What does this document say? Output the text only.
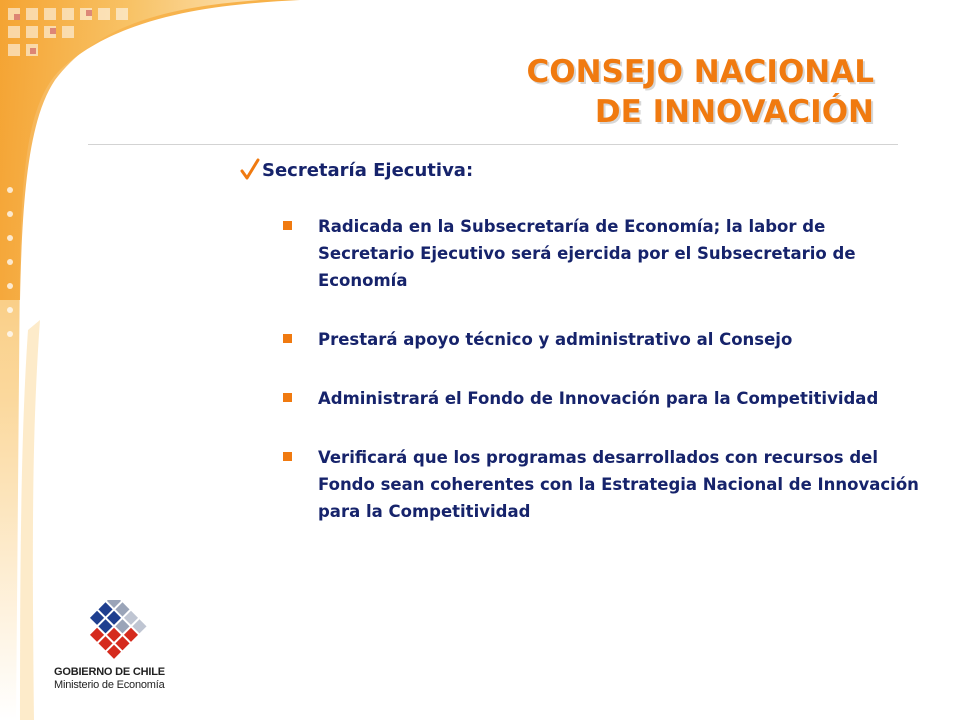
CONSEJO NACIONAL
DE INNOVACIÓN
Secretaría Ejecutiva:
Radicada en la Subsecretaría de Economía; la labor de Secretario Ejecutivo será ejercida por el Subsecretario de Economía
Prestará apoyo técnico y administrativo al Consejo
Administrará el Fondo de Innovación para la Competitividad
Verificará que los programas desarrollados con recursos del Fondo sean coherentes con la Estrategia Nacional de Innovación para la Competitividad
GOBIERNO DE CHILE
Ministerio de Economía
